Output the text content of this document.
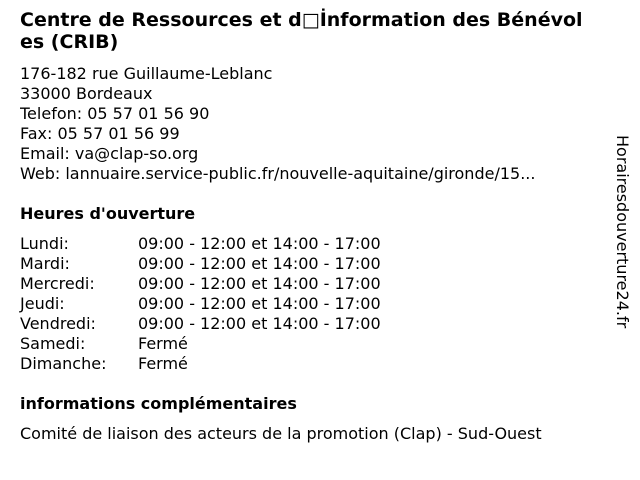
Centre de Ressources et d□İnformation des Bénévoles (CRIB)
176-182 rue Guillaume-Leblanc
33000 Bordeaux
Telefon: 05 57 01 56 90
Fax: 05 57 01 56 99
Email: va@clap-so.org
Web: lannuaire.service-public.fr/nouvelle-aquitaine/gironde/15...
Heures d'ouverture
Lundi:	09:00 - 12:00 et 14:00 - 17:00
Mardi:	09:00 - 12:00 et 14:00 - 17:00
Mercredi:	09:00 - 12:00 et 14:00 - 17:00
Jeudi:	09:00 - 12:00 et 14:00 - 17:00
Vendredi:	09:00 - 12:00 et 14:00 - 17:00
Samedi:	Fermé
Dimanche:	Fermé
informations complémentaires
Comité de liaison des acteurs de la promotion (Clap) - Sud-Ouest
Horairesdouverture24.fr
